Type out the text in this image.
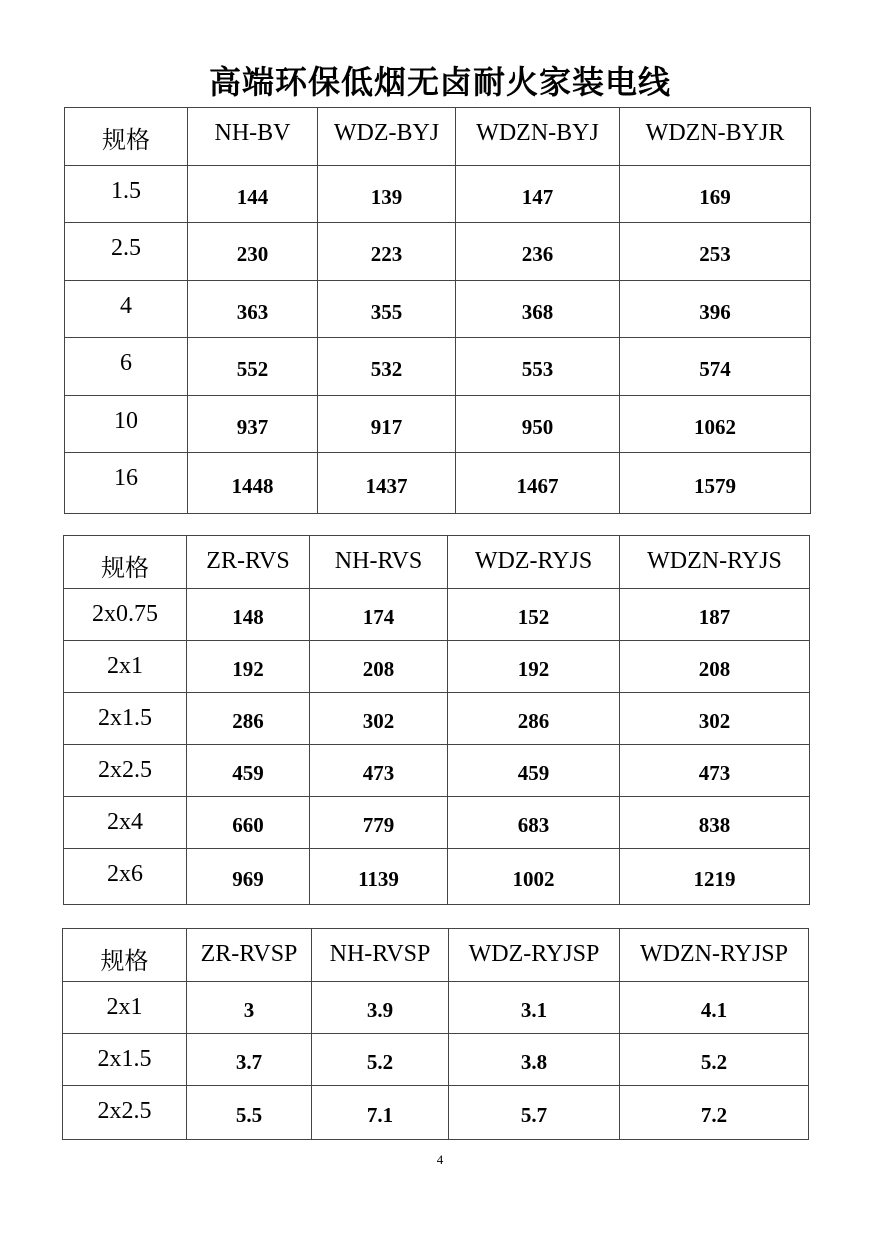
高端环保低烟无卤耐火家装电线
规格	NH-BV	WDZ-BYJ	WDZN-BYJ	WDZN-BYJR

1.5	144	139	147	169

2.5	230	223	236	253

4	363	355	368	396

6	552	532	553	574

10	937	917	950	1062

16	1448	1437	1467	1579
规格	ZR-RVS	NH-RVS	WDZ-RYJS	WDZN-RYJS

2x0.75	148	174	152	187

2x1	192	208	192	208

2x1.5	286	302	286	302

2x2.5	459	473	459	473

2x4	660	779	683	838

2x6	969	1139	1002	1219
规格	ZR-RVSP	NH-RVSP	WDZ-RYJSP	WDZN-RYJSP

2x1	3	3.9	3.1	4.1

2x1.5	3.7	5.2	3.8	5.2

2x2.5	5.5	7.1	5.7	7.2
4
